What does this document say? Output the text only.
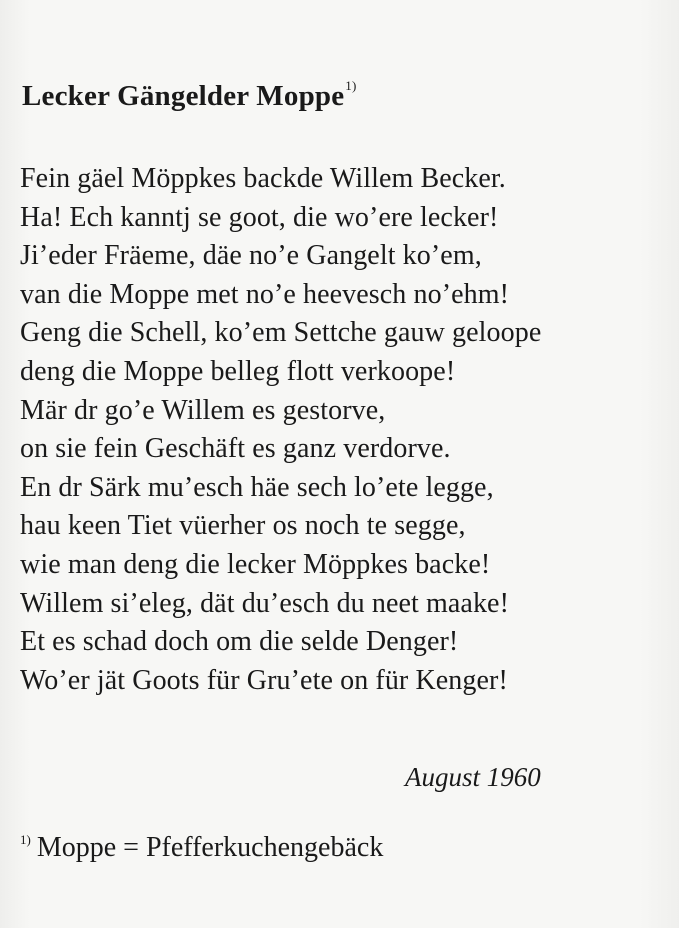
Lecker Gängelder Moppe$^{1)}$
Fein gäel Möppkes backde Willem Becker.
Ha! Ech kanntj se goot, die wo’ere lecker!
Ji’eder Fräeme, däe no’e Gangelt ko’em,
van die Moppe met no’e heevesch no’ehm!
Geng die Schell, ko’em Settche gauw geloope
deng die Moppe belleg flott verkoope!
Mär dr go’e Willem es gestorve,
on sie fein Geschäft es ganz verdorve.
En dr Särk mu’esch häe sech lo’ete legge,
hau keen Tiet vüerher os noch te segge,
wie man deng die lecker Möppkes backe!
Willem si’eleg, dät du’esch du neet maake!
Et es schad doch om die selde Denger!
Wo’er jät Goots für Gru’ete on für Kenger!
August 1960
$^{1)}$ Moppe = Pfefferkuchengebäck
